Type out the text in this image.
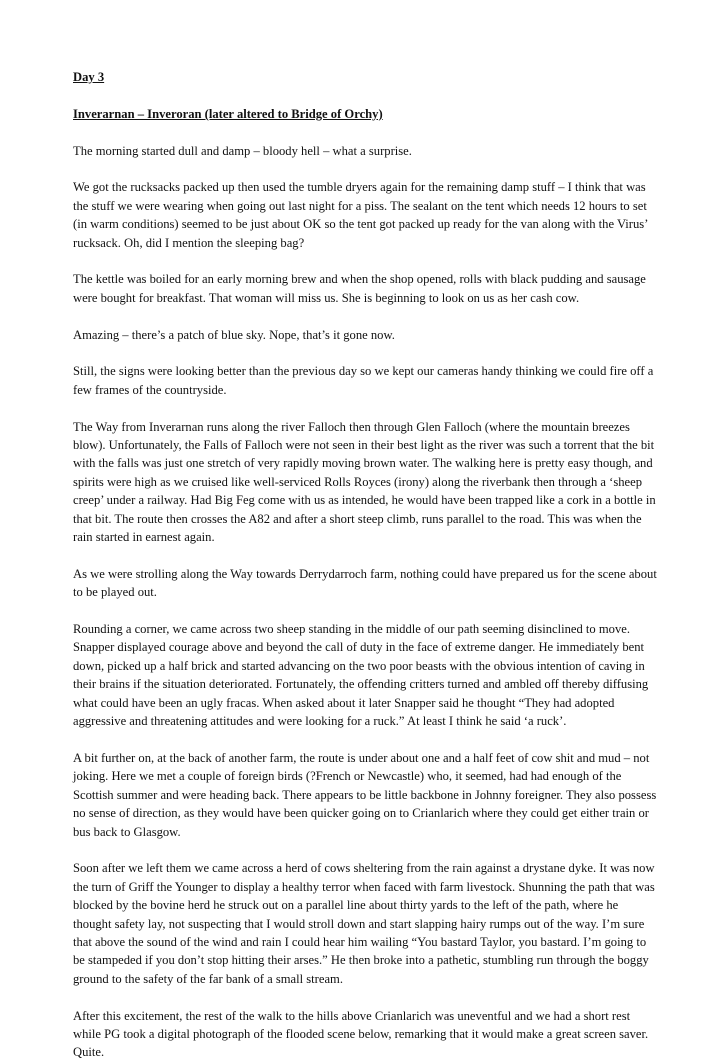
Day 3
Inverarnan – Inveroran (later altered to Bridge of Orchy)

The morning started dull and damp – bloody hell – what a surprise.

We got the rucksacks packed up then used the tumble dryers again for the remaining damp stuff – I think that was the stuff we were wearing when going out last night for a piss. The sealant on the tent which needs 12 hours to set (in warm conditions) seemed to be just about OK so the tent got packed up ready for the van along with the Virus’ rucksack. Oh, did I mention the sleeping bag?

The kettle was boiled for an early morning brew and when the shop opened, rolls with black pudding and sausage were bought for breakfast. That woman will miss us. She is beginning to look on us as her cash cow.

Amazing – there’s a patch of blue sky. Nope, that’s it gone now.

Still, the signs were looking better than the previous day so we kept our cameras handy thinking we could fire off a few frames of the countryside.

The Way from Inverarnan runs along the river Falloch then through Glen Falloch (where the mountain breezes blow). Unfortunately, the Falls of Falloch were not seen in their best light as the river was such a torrent that the bit with the falls was just one stretch of very rapidly moving brown water. The walking here is pretty easy though, and spirits were high as we cruised like well-serviced Rolls Royces (irony) along the riverbank then through a ‘sheep creep’ under a railway. Had Big Feg come with us as intended, he would have been trapped like a cork in a bottle in that bit. The route then crosses the A82 and after a short steep climb, runs parallel to the road. This was when the rain started in earnest again.

As we were strolling along the Way towards Derrydarroch farm, nothing could have prepared us for the scene about to be played out.

Rounding a corner, we came across two sheep standing in the middle of our path seeming disinclined to move. Snapper displayed courage above and beyond the call of duty in the face of extreme danger. He immediately bent down, picked up a half brick and started advancing on the two poor beasts with the obvious intention of caving in their brains if the situation deteriorated. Fortunately, the offending critters turned and ambled off thereby diffusing what could have been an ugly fracas. When asked about it later Snapper said he thought “They had adopted aggressive and threatening attitudes and were looking for a ruck.” At least I think he said ‘a ruck’.

A bit further on, at the back of another farm, the route is under about one and a half feet of cow shit and mud – not joking. Here we met a couple of foreign birds (?French or Newcastle) who, it seemed, had had enough of the Scottish summer and were heading back. There appears to be little backbone in Johnny foreigner. They also possess no sense of direction, as they would have been quicker going on to Crianlarich where they could get either train or bus back to Glasgow.

Soon after we left them we came across a herd of cows sheltering from the rain against a drystane dyke. It was now the turn of Griff the Younger to display a healthy terror when faced with farm livestock. Shunning the path that was blocked by the bovine herd he struck out on a parallel line about thirty yards to the left of the path, where he thought safety lay, not suspecting that I would stroll down and start slapping hairy rumps out of the way. I’m sure that above the sound of the wind and rain I could hear him wailing “You bastard Taylor, you bastard. I’m going to be stampeded if you don’t stop hitting their arses.” He then broke into a pathetic, stumbling run through the boggy ground to the safety of the far bank of a small stream.

After this excitement, the rest of the walk to the hills above Crianlarich was uneventful and we had a short rest while PG took a digital photograph of the flooded scene below, remarking that it would make a great screen saver. Quite.
